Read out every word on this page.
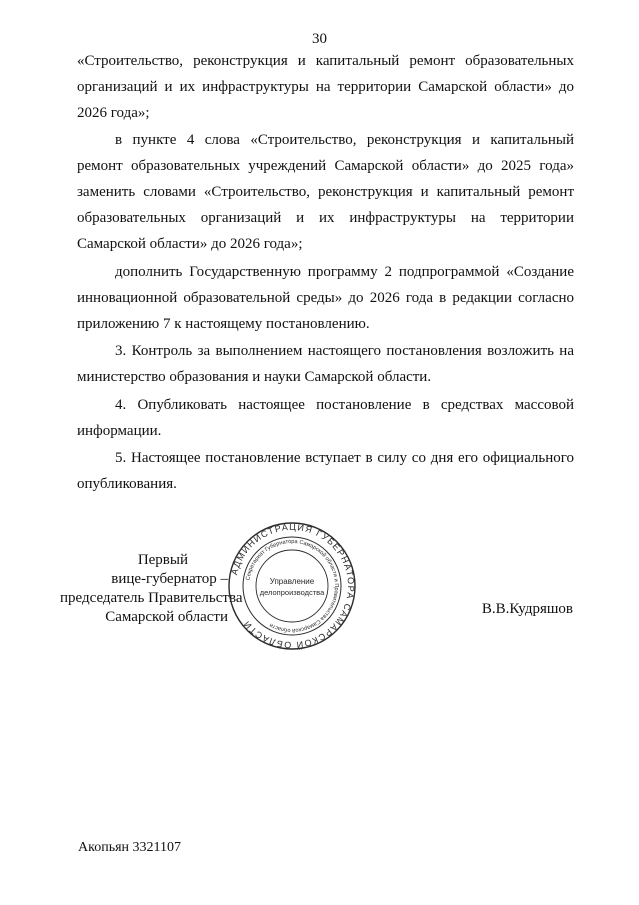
30

«Строительство, реконструкция и капитальный ремонт образовательных организаций и их инфраструктуры на территории Самарской области» до 2026 года»;

в пункте 4 слова «Строительство, реконструкция и капитальный ремонт образовательных учреждений Самарской области» до 2025 года» заменить словами «Строительство, реконструкция и капитальный ремонт образовательных организаций и их инфраструктуры на территории Самарской области» до 2026 года»;

дополнить Государственную программу 2 подпрограммой «Создание инновационной образовательной среды» до 2026 года в редакции согласно приложению 7 к настоящему постановлению.

3. Контроль за выполнением настоящего постановления возложить на министерство образования и науки Самарской области.

4. Опубликовать настоящее постановление в средствах массовой информации.

5. Настоящее постановление вступает в силу со дня его официального опубликования.

Первый
вице-губернатор –
председатель Правительства
Самарской области
АДМИНИСТРАЦИЯ ГУБЕРНАТОРА САМАРСКОЙ ОБЛАСТИ
Секретариат Губернатора Самарской области и Правительства Самарской области
Управление
делопроизводства
В.В.Кудряшов
Акопьян 3321107
